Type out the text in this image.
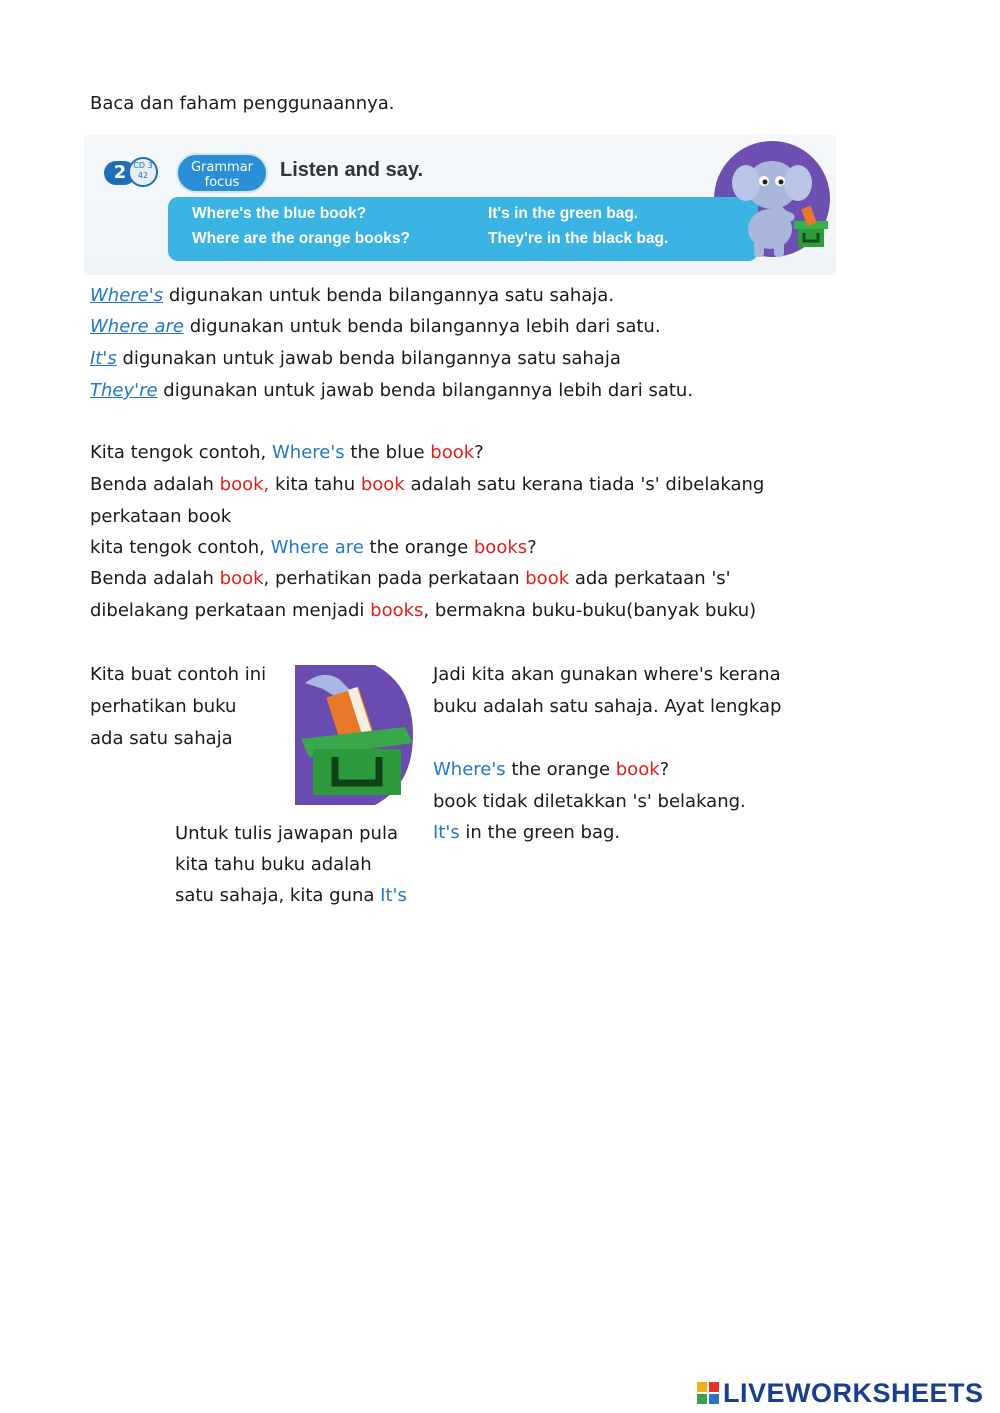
Baca dan faham penggunaannya.
2 CD 3
42
Grammar
focus
Listen and say.
Where's the blue book?	It's in the green bag.
Where are the orange books?	They're in the black bag.
Where's digunakan untuk benda bilangannya satu sahaja.
Where are digunakan untuk benda bilangannya lebih dari satu.
It's digunakan untuk jawab benda bilangannya satu sahaja
They're digunakan untuk jawab benda bilangannya lebih dari satu.
Kita tengok contoh, Where's the blue book?
Benda adalah book, kita tahu book adalah satu kerana tiada 's' dibelakang
perkataan book
kita tengok contoh, Where are the orange books?
Benda adalah book, perhatikan pada perkataan book ada perkataan 's'
dibelakang perkataan menjadi books, bermakna buku-buku(banyak buku)
Kita buat contoh ini
perhatikan buku
ada satu sahaja
Jadi kita akan gunakan where's kerana
buku adalah satu sahaja. Ayat lengkap
Where's the orange book?
book tidak diletakkan 's' belakang.
It's in the green bag.
Untuk tulis jawapan pula
kita tahu buku adalah
satu sahaja, kita guna It's
LIVEWORKSHEETS
